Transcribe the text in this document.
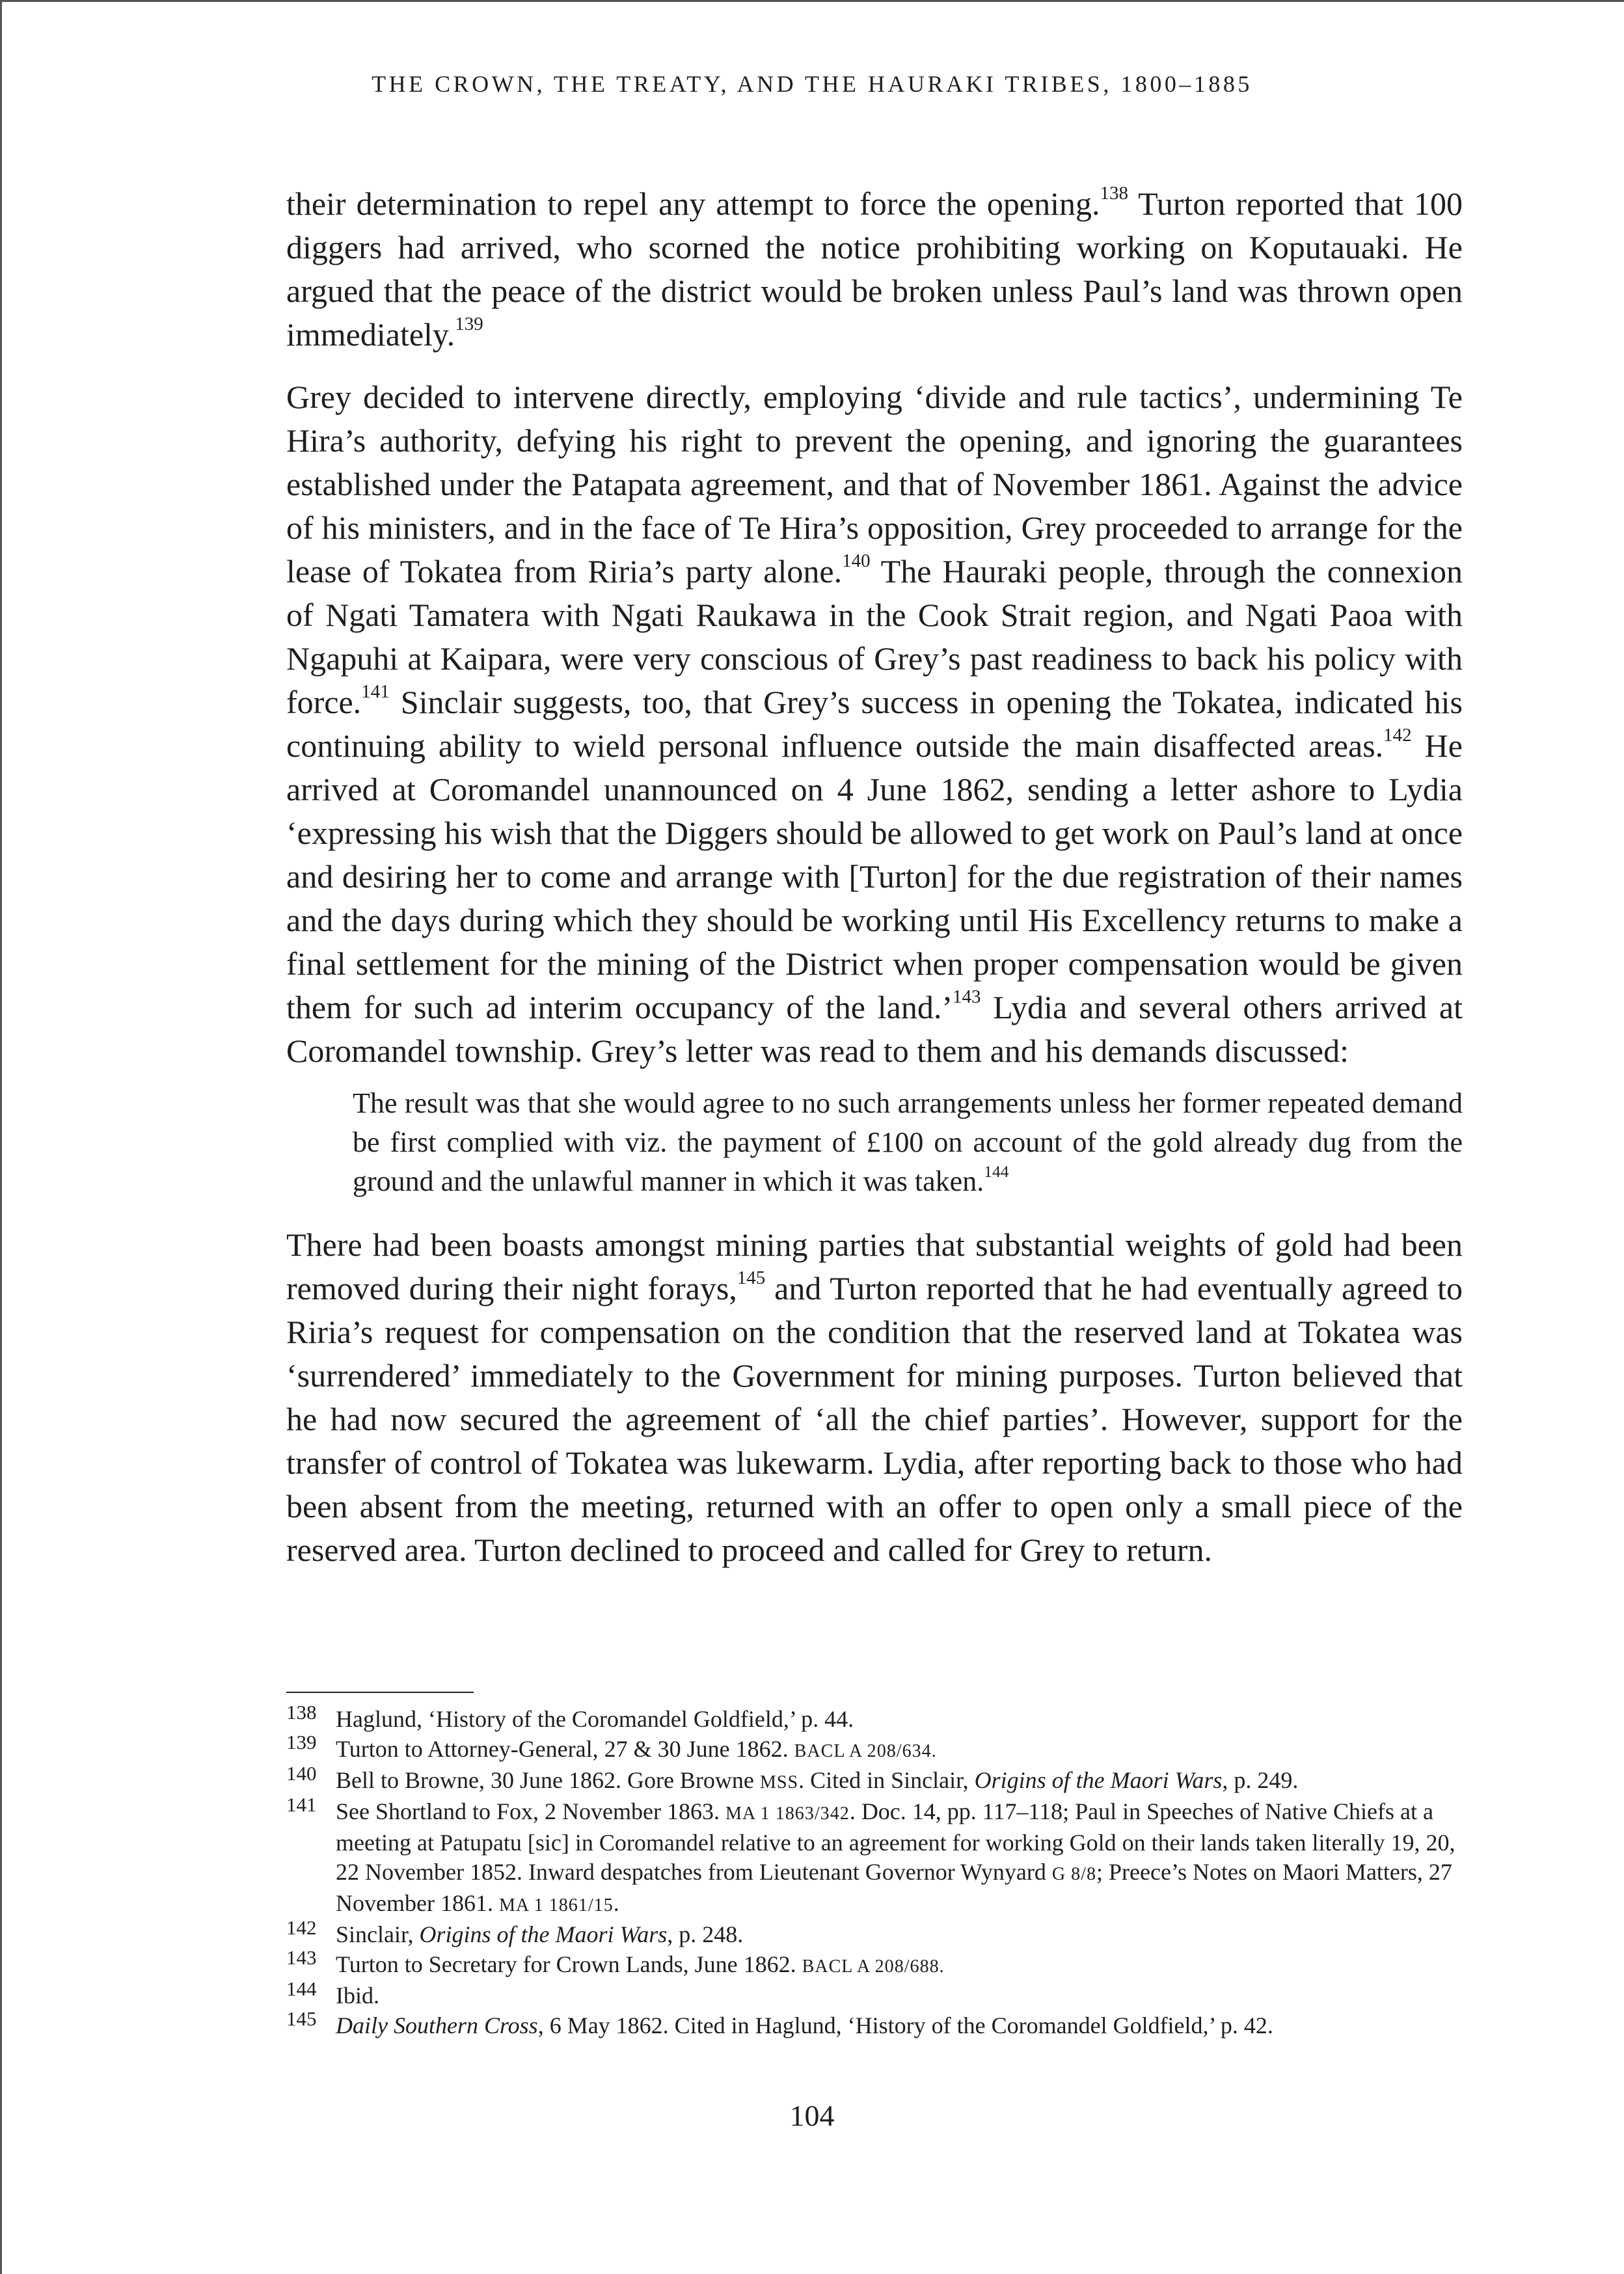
THE CROWN, THE TREATY, AND THE HAURAKI TRIBES, 1800–1885

their determination to repel any attempt to force the opening.$^{138}$ Turton reported that 100 diggers had arrived, who scorned the notice prohibiting working on Koputauaki. He argued that the peace of the district would be broken unless Paul’s land was thrown open immediately.$^{139}$

Grey decided to intervene directly, employing ‘divide and rule tactics’, undermining Te Hira’s authority, defying his right to prevent the opening, and ignoring the guarantees established under the Patapata agreement, and that of November 1861. Against the advice of his ministers, and in the face of Te Hira’s opposition, Grey proceeded to arrange for the lease of Tokatea from Riria’s party alone.$^{140}$ The Hauraki people, through the connexion of Ngati Tamatera with Ngati Raukawa in the Cook Strait region, and Ngati Paoa with Ngapuhi at Kaipara, were very conscious of Grey’s past readiness to back his policy with force.$^{141}$ Sinclair suggests, too, that Grey’s success in opening the Tokatea, indicated his continuing ability to wield personal influence outside the main disaffected areas.$^{142}$ He arrived at Coromandel unannounced on 4 June 1862, sending a letter ashore to Lydia ‘expressing his wish that the Diggers should be allowed to get work on Paul’s land at once and desiring her to come and arrange with [Turton] for the due registration of their names and the days during which they should be working until His Excellency returns to make a final settlement for the mining of the District when proper compensation would be given them for such ad interim occupancy of the land.’$^{143}$ Lydia and several others arrived at Coromandel township. Grey’s letter was read to them and his demands discussed:

The result was that she would agree to no such arrangements unless her former repeated demand be first complied with viz. the payment of £100 on account of the gold already dug from the ground and the unlawful manner in which it was taken.$^{144}$

There had been boasts amongst mining parties that substantial weights of gold had been removed during their night forays,$^{145}$ and Turton reported that he had eventually agreed to Riria’s request for compensation on the condition that the reserved land at Tokatea was ‘surrendered’ immediately to the Government for mining purposes. Turton believed that he had now secured the agreement of ‘all the chief parties’. However, support for the transfer of control of Tokatea was lukewarm. Lydia, after reporting back to those who had been absent from the meeting, returned with an offer to open only a small piece of the reserved area. Turton declined to proceed and called for Grey to return.

138 Haglund, ‘History of the Coromandel Goldfield,’ p. 44.
139 Turton to Attorney-General, 27 & 30 June 1862. BACL A 208/634.
140 Bell to Browne, 30 June 1862. Gore Browne MSS. Cited in Sinclair, Origins of the Maori Wars, p. 249.
141 See Shortland to Fox, 2 November 1863. MA 1 1863/342. Doc. 14, pp. 117–118; Paul in Speeches of Native Chiefs at a meeting at Patupatu [sic] in Coromandel relative to an agreement for working Gold on their lands taken literally 19, 20, 22 November 1852. Inward despatches from Lieutenant Governor Wynyard G 8/8; Preece’s Notes on Maori Matters, 27 November 1861. MA 1 1861/15.
142 Sinclair, Origins of the Maori Wars, p. 248.
143 Turton to Secretary for Crown Lands, June 1862. BACL A 208/688.
144 Ibid.
145 Daily Southern Cross, 6 May 1862. Cited in Haglund, ‘History of the Coromandel Goldfield,’ p. 42.
104
